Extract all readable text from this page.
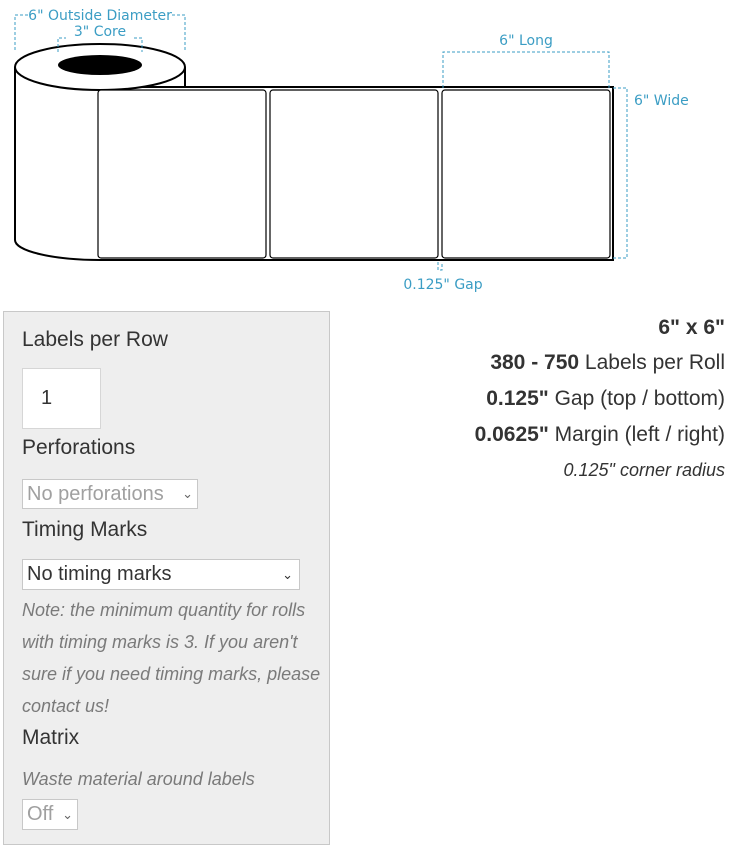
6" Outside Diameter
3" Core
6" Long
6" Wide
0.125" Gap
Labels per Row
1
Perforations
No perforations ⌄
Timing Marks
No timing marks	⌄
Note: the minimum quantity for rolls with timing marks is 3. If you aren't sure if you need timing marks, please contact us!
Matrix
Waste material around labels
Off ⌄
6" x 6"
380 - 750 Labels per Roll
0.125" Gap (top / bottom)
0.0625" Margin (left / right)
0.125" corner radius
